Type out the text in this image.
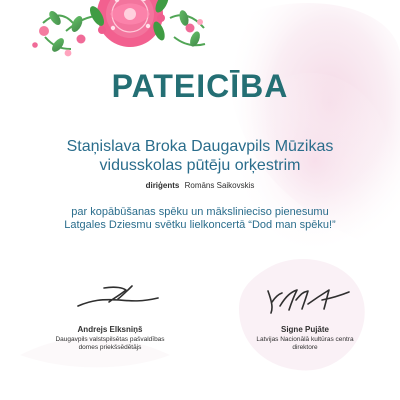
PATEICĪBA
Staņislava Broka Daugavpils Mūzikas
vidusskolas pūtēju orķestrim
diriģents Romāns Saikovskis
par kopābūšanas spēku un mākslinieciso pienesumu
Latgales Dziesmu svētku lielkoncertā “Dod man spēku!”
Andrejs Elksniņš
Daugavpils valstspilsētas pašvaldības
domes priekšsēdētājs
Signe Pujāte
Latvijas Nacionālā kultūras centra
direktore
